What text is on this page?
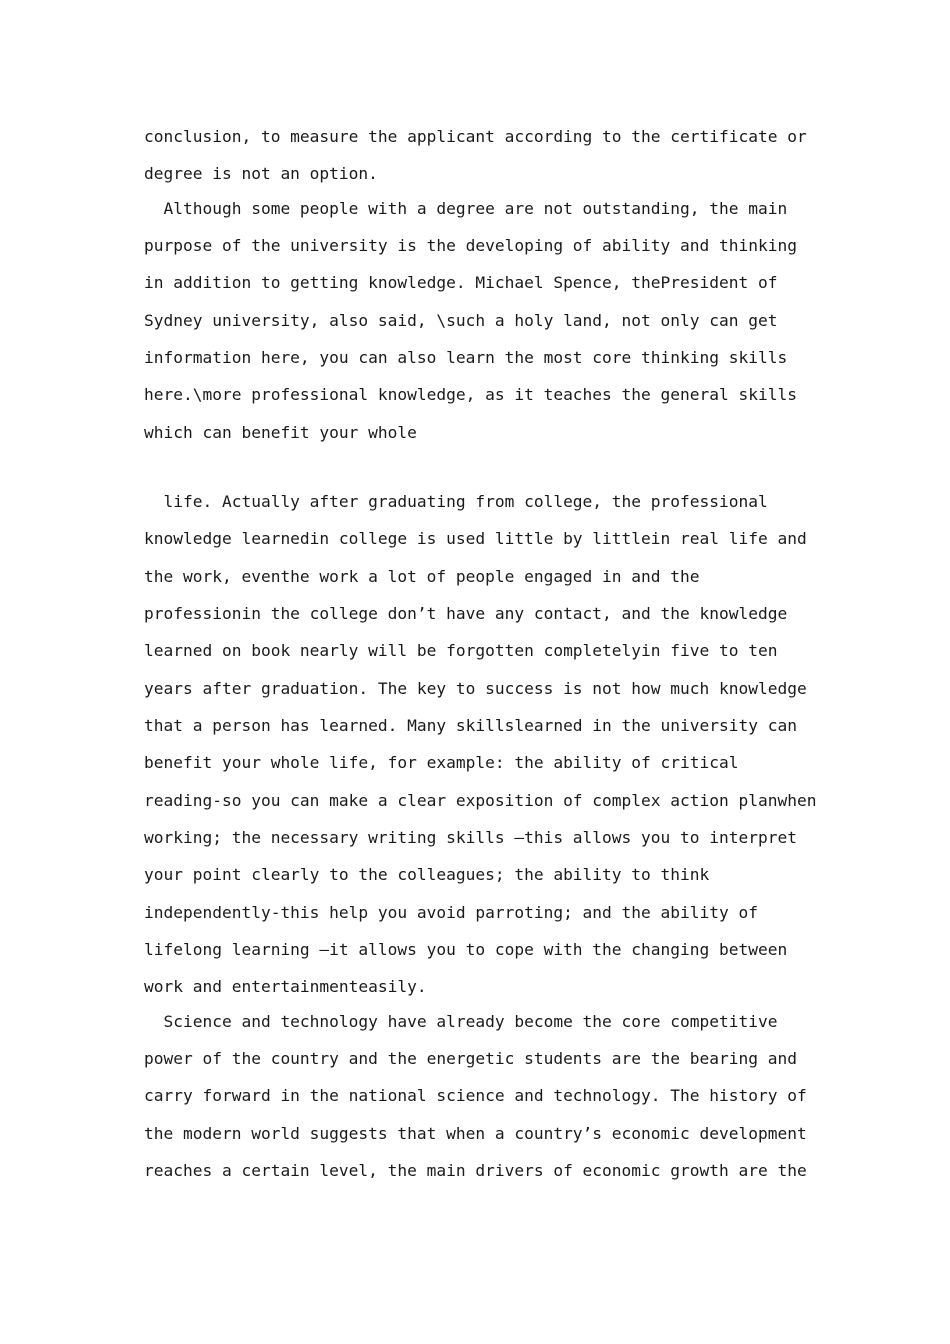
conclusion, to measure the applicant according to the certificate or

degree is not an option.

Although some people with a degree are not outstanding, the main

purpose of the university is the developing of ability and thinking

in addition to getting knowledge. Michael Spence, thePresident of

Sydney university, also said, \such a holy land, not only can get

information here, you can also learn the most core thinking skills

here.\more professional knowledge, as it teaches the general skills

which can benefit your whole

life. Actually after graduating from college, the professional

knowledge learnedin college is used little by littlein real life and

the work, eventhe work a lot of people engaged in and the

professionin the college don’t have any contact, and the knowledge

learned on book nearly will be forgotten completelyin five to ten

years after graduation. The key to success is not how much knowledge

that a person has learned. Many skillslearned in the university can

benefit your whole life, for example: the ability of critical

reading-so you can make a clear exposition of complex action planwhen

working; the necessary writing skills –this allows you to interpret

your point clearly to the colleagues; the ability to think

independently-this help you avoid parroting; and the ability of

lifelong learning –it allows you to cope with the changing between

work and entertainmenteasily.

Science and technology have already become the core competitive

power of the country and the energetic students are the bearing and

carry forward in the national science and technology. The history of

the modern world suggests that when a country’s economic development

reaches a certain level, the main drivers of economic growth are the
